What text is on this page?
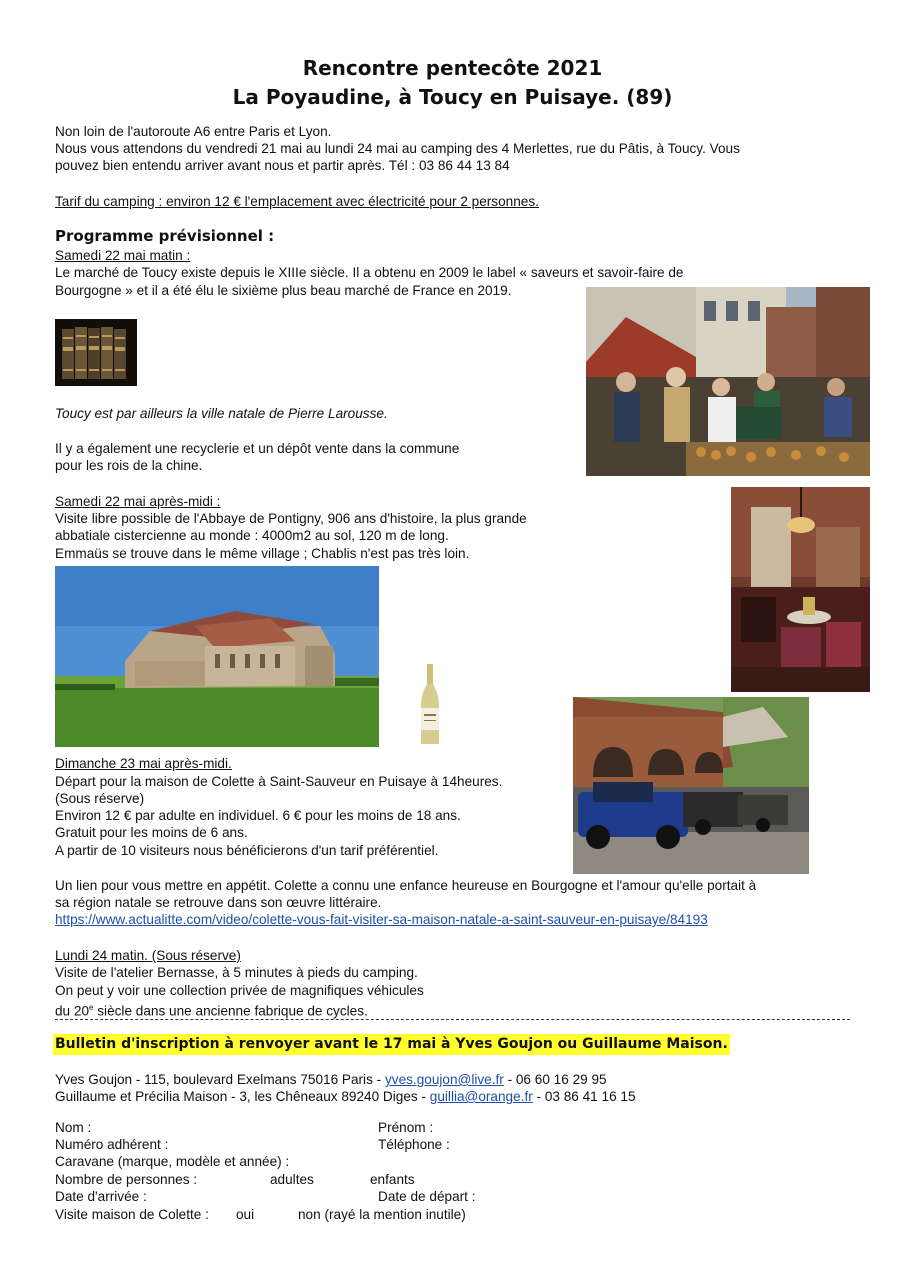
Rencontre pentecôte 2021
La Poyaudine, à Toucy en Puisaye. (89)
Non loin de l'autoroute A6 entre Paris et Lyon.
Nous vous attendons du vendredi 21 mai au lundi 24 mai au camping des 4 Merlettes, rue du Pâtis, à Toucy. Vous
pouvez bien entendu arriver avant nous et partir après. Tél : 03 86 44 13 84
Tarif du camping : environ 12 € l'emplacement avec électricité pour 2 personnes.
Programme prévisionnel :
Samedi 22 mai matin :
Le marché de Toucy existe depuis le XIIIe siècle. Il a obtenu en 2009 le label « saveurs et savoir-faire de
Bourgogne » et il a été élu le sixième plus beau marché de France en 2019.
Toucy est par ailleurs la ville natale de Pierre Larousse.
Il y a également une recyclerie et un dépôt vente dans la commune
pour les rois de la chine.
Samedi 22 mai après-midi :
Visite libre possible de l'Abbaye de Pontigny, 906 ans d'histoire, la plus grande
abbatiale cistercienne au monde : 4000m2 au sol, 120 m de long.
Emmaüs se trouve dans le même village ; Chablis n'est pas très loin.
Dimanche 23 mai après-midi.
Départ pour la maison de Colette à Saint-Sauveur en Puisaye à 14heures.
(Sous réserve)
Environ 12 € par adulte en individuel. 6 € pour les moins de 18 ans.
Gratuit pour les moins de 6 ans.
A partir de 10 visiteurs nous bénéficierons d'un tarif préférentiel.
Un lien pour vous mettre en appétit. Colette a connu une enfance heureuse en Bourgogne et l'amour qu'elle portait à
sa région natale se retrouve dans son œuvre littéraire.
https://www.actualitte.com/video/colette-vous-fait-visiter-sa-maison-natale-a-saint-sauveur-en-puisaye/84193
Lundi 24 matin. (Sous réserve)
Visite de l'atelier Bernasse, à 5 minutes à pieds du camping.
On peut y voir une collection privée de magnifiques véhicules
du 20e siècle dans une ancienne fabrique de cycles.
Bulletin d'inscription à renvoyer avant le 17 mai à Yves Goujon ou Guillaume Maison.
Yves Goujon - 115, boulevard Exelmans 75016 Paris - yves.goujon@live.fr - 06 60 16 29 95
Guillaume et Précilia Maison - 3, les Chêneaux 89240 Diges - guillia@orange.fr - 03 86 41 16 15
Nom :	Prénom :
Numéro adhérent :	Téléphone :
Caravane (marque, modèle et année) :
Nombre de personnes :	adultes	enfants
Date d'arrivée :	Date de départ :
Visite maison de Colette : oui	non (rayé la mention inutile)
